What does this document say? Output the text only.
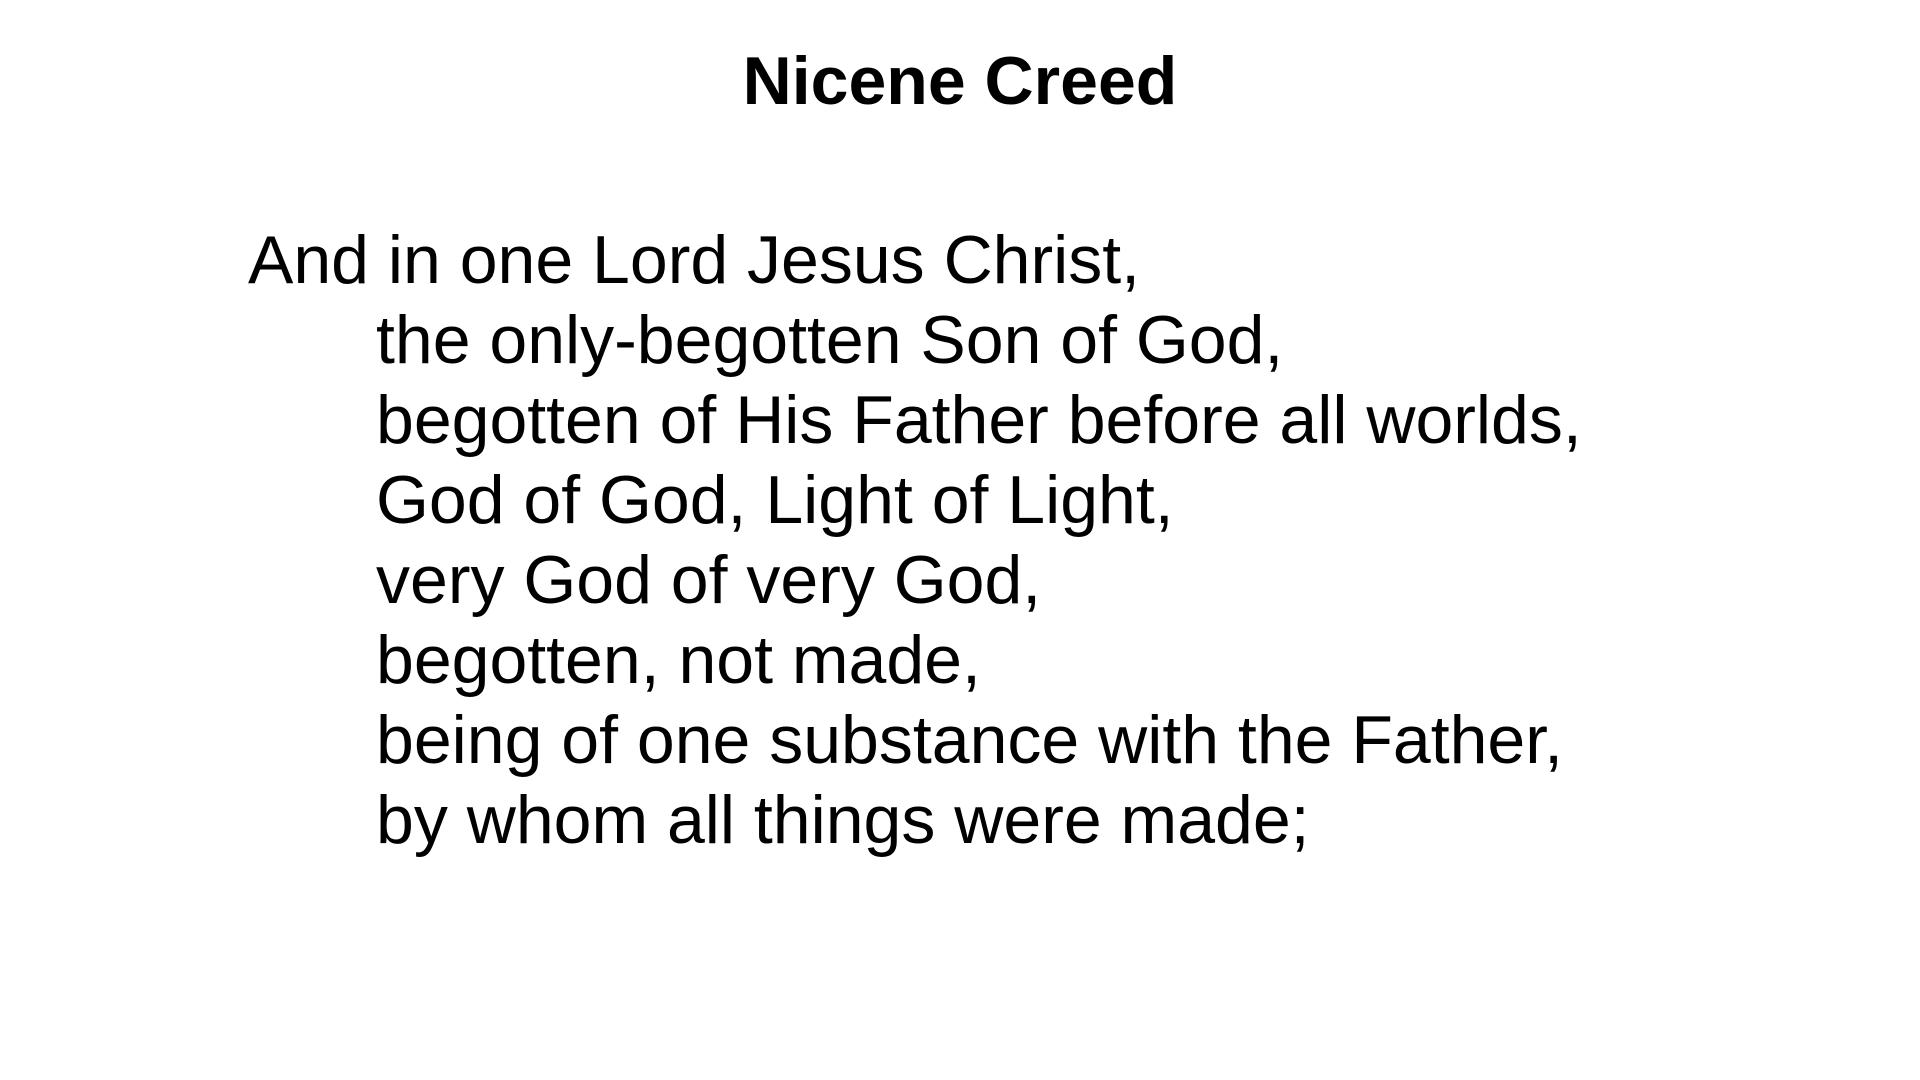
Nicene Creed
And in one Lord Jesus Christ,
the only-begotten Son of God,
begotten of His Father before all worlds,
God of God, Light of Light,
very God of very God,
begotten, not made,
being of one substance with the Father,
by whom all things were made;
